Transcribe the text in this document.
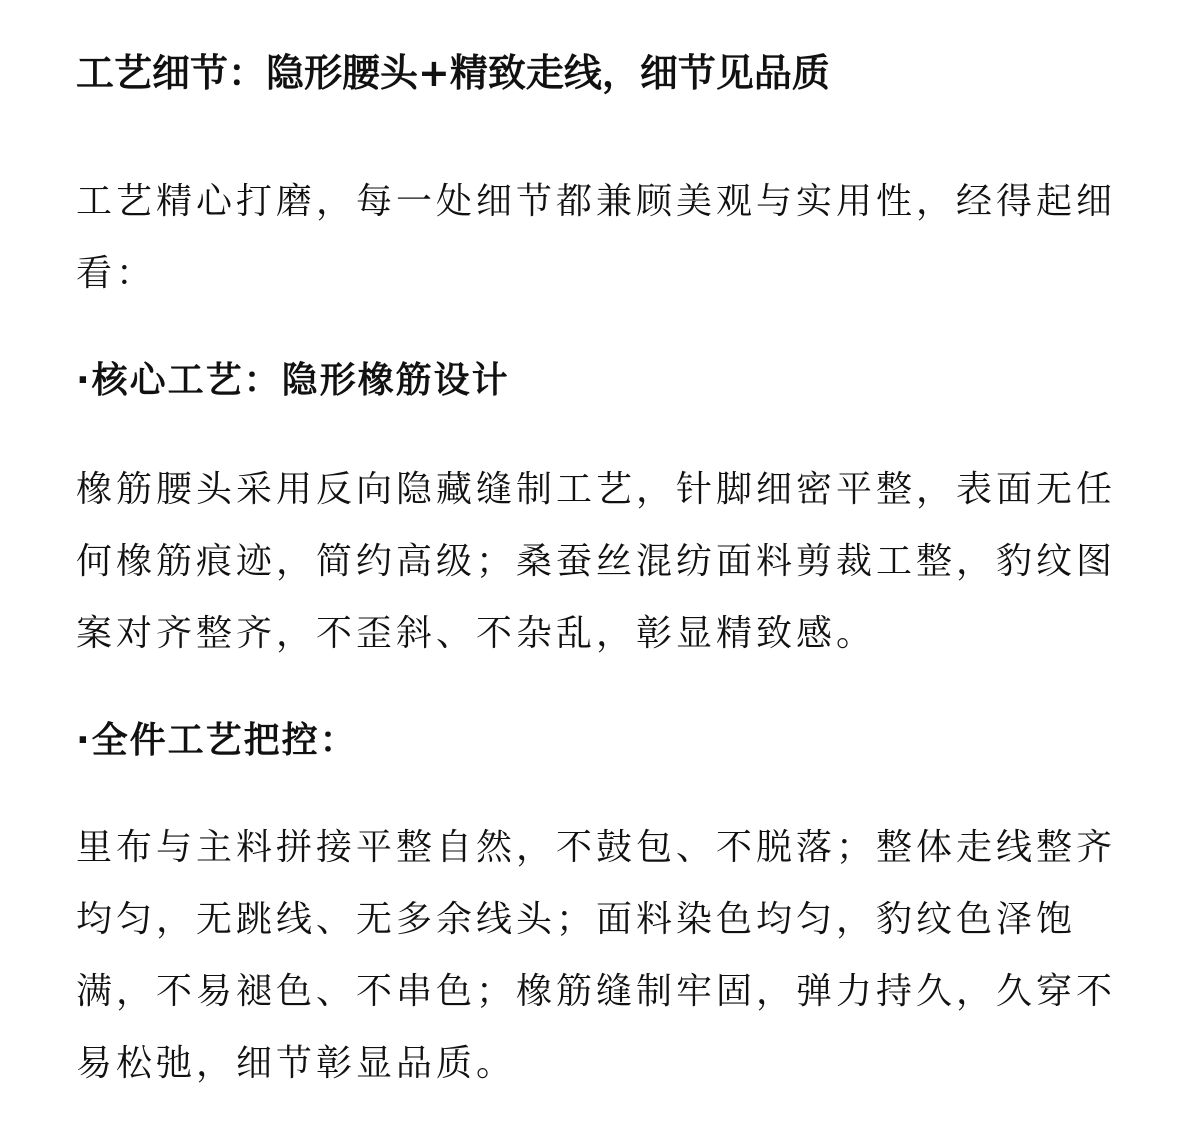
工艺细节：隐形腰头+精致走线，细节见品质

工艺精心打磨，每一处细节都兼顾美观与实用性，经得起细
看：

·核心工艺：隐形橡筋设计

橡筋腰头采用反向隐藏缝制工艺，针脚细密平整，表面无任
何橡筋痕迹，简约高级；桑蚕丝混纺面料剪裁工整，豹纹图
案对齐整齐，不歪斜、不杂乱，彰显精致感。

·全件工艺把控：

里布与主料拼接平整自然，不鼓包、不脱落；整体走线整齐
均匀，无跳线、无多余线头；面料染色均匀，豹纹色泽饱
满，不易褪色、不串色；橡筋缝制牢固，弹力持久，久穿不
易松弛，细节彰显品质。
